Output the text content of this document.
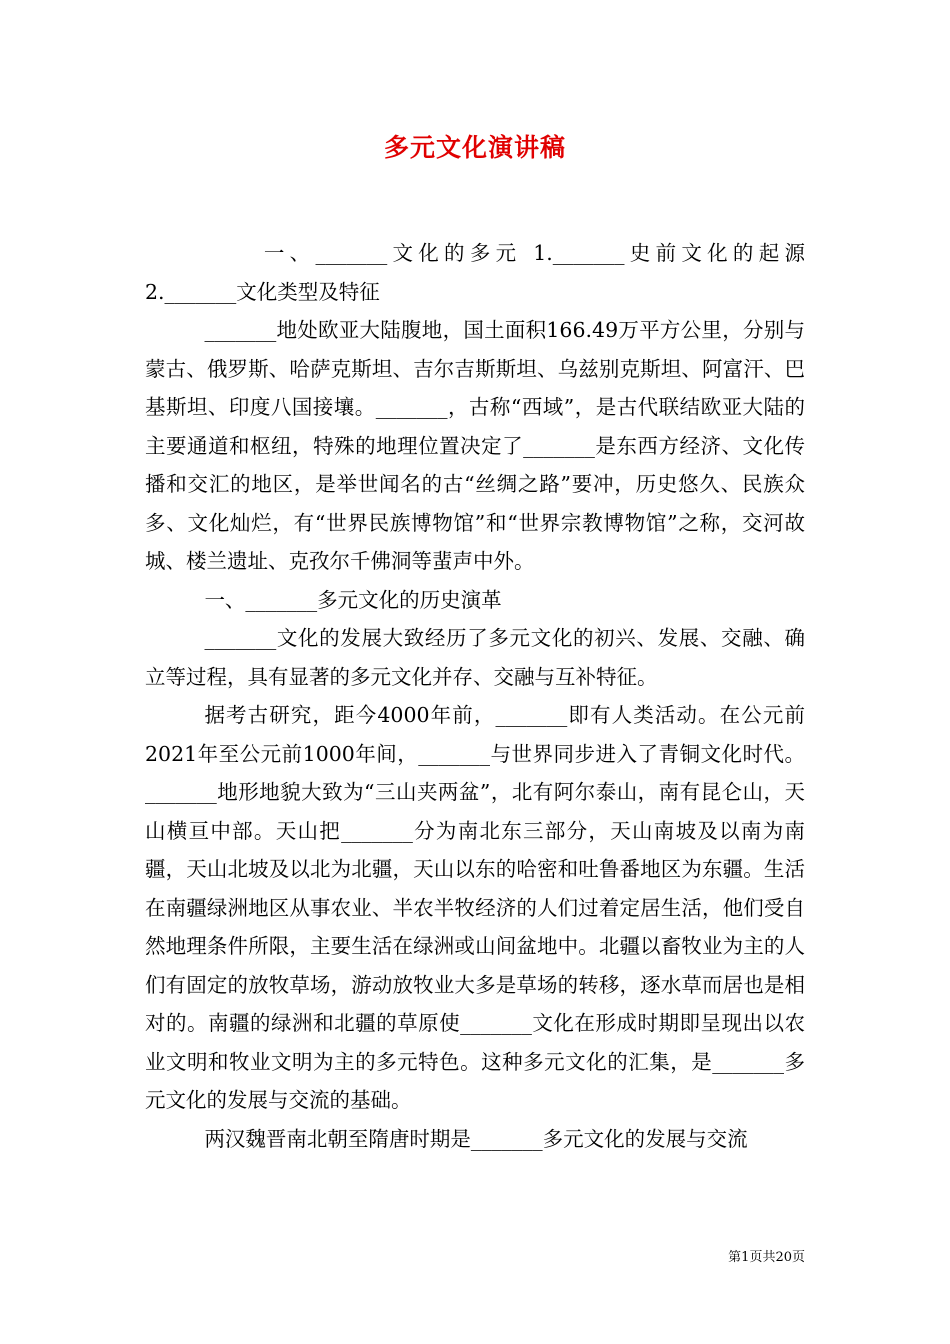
多元文化演讲稿

一、_______文化的多元 1._______史前文化的起源 2._______文化类型及特征

_______地处欧亚大陆腹地，国土面积166.49万平方公里，分别与蒙古、俄罗斯、哈萨克斯坦、吉尔吉斯斯坦、乌兹别克斯坦、阿富汗、巴基斯坦、印度八国接壤。_______，古称“西域”，是古代联结欧亚大陆的主要通道和枢纽，特殊的地理位置决定了_______是东西方经济、文化传播和交汇的地区，是举世闻名的古“丝绸之路”要冲，历史悠久、民族众多、文化灿烂，有“世界民族博物馆”和“世界宗教博物馆”之称，交河故城、楼兰遗址、克孜尔千佛洞等蜚声中外。

一、_______多元文化的历史演革

_______文化的发展大致经历了多元文化的初兴、发展、交融、确立等过程，具有显著的多元文化并存、交融与互补特征。

据考古研究，距今4000年前，_______即有人类活动。在公元前2021年至公元前1000年间，_______与世界同步进入了青铜文化时代。_______地形地貌大致为“三山夹两盆”，北有阿尔泰山，南有昆仑山，天山横亘中部。天山把_______分为南北东三部分，天山南坡及以南为南疆，天山北坡及以北为北疆，天山以东的哈密和吐鲁番地区为东疆。生活在南疆绿洲地区从事农业、半农半牧经济的人们过着定居生活，他们受自然地理条件所限，主要生活在绿洲或山间盆地中。北疆以畜牧业为主的人们有固定的放牧草场，游动放牧业大多是草场的转移，逐水草而居也是相对的。南疆的绿洲和北疆的草原使_______文化在形成时期即呈现出以农业文明和牧业文明为主的多元特色。这种多元文化的汇集，是_______多元文化的发展与交流的基础。

两汉魏晋南北朝至隋唐时期是_______多元文化的发展与交流

第1页共20页
